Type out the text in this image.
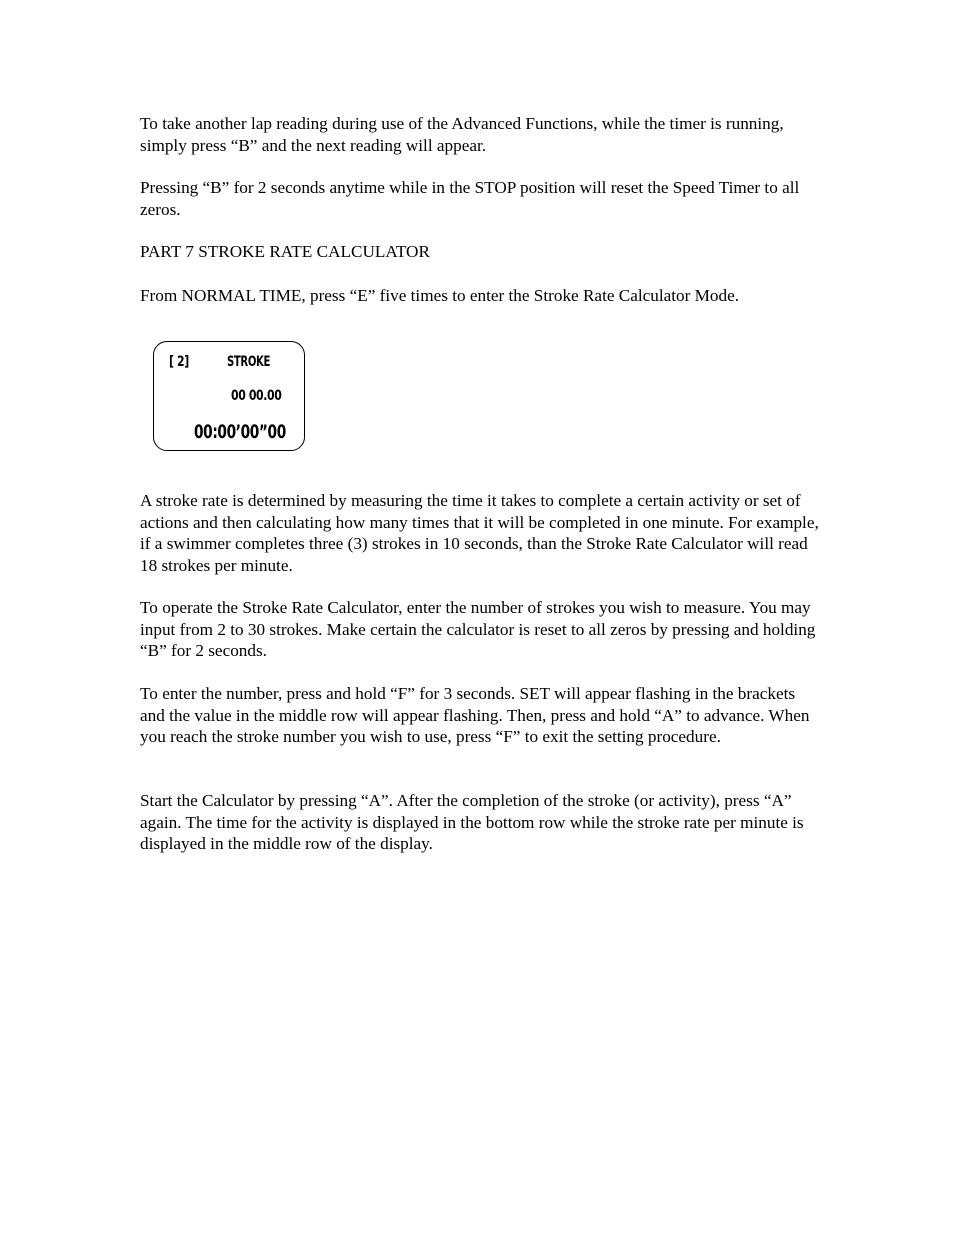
To take another lap reading during use of the Advanced Functions, while the timer is running, simply press “B” and the next reading will appear.

Pressing “B” for 2 seconds anytime while in the STOP position will reset the Speed Timer to all zeros.

PART 7 STROKE RATE CALCULATOR

From NORMAL TIME, press “E” five times to enter the Stroke Rate Calculator Mode.

[ 2]	STROKE
00 00.00
00:00’00”00

A stroke rate is determined by measuring the time it takes to complete a certain activity or set of actions and then calculating how many times that it will be completed in one minute. For example, if a swimmer completes three (3) strokes in 10 seconds, than the Stroke Rate Calculator will read 18 strokes per minute.

To operate the Stroke Rate Calculator, enter the number of strokes you wish to measure. You may input from 2 to 30 strokes. Make certain the calculator is reset to all zeros by pressing and holding “B” for 2 seconds.

To enter the number, press and hold “F” for 3 seconds. SET will appear flashing in the brackets and the value in the middle row will appear flashing. Then, press and hold “A” to advance. When you reach the stroke number you wish to use, press “F” to exit the setting procedure.

Start the Calculator by pressing “A”. After the completion of the stroke (or activity), press “A” again. The time for the activity is displayed in the bottom row while the stroke rate per minute is displayed in the middle row of the display.
